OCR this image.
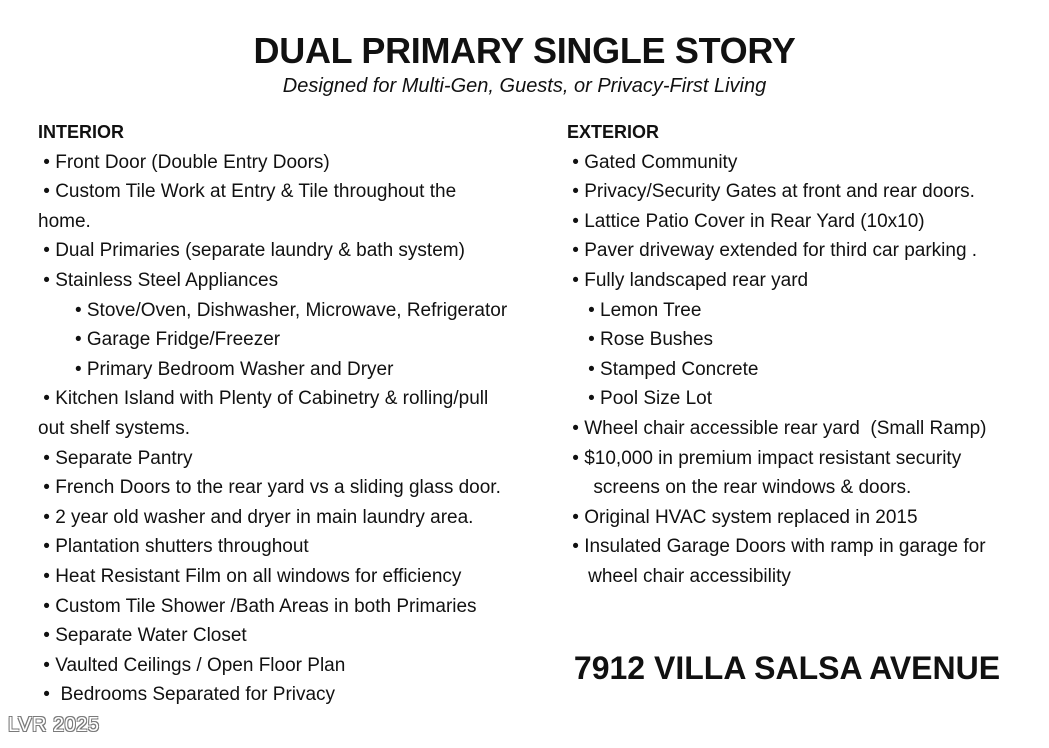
DUAL PRIMARY SINGLE STORY

Designed for Multi-Gen, Guests, or Privacy-First Living

INTERIOR
• Front Door (Double Entry Doors)
• Custom Tile Work at Entry & Tile throughout the
home.
• Dual Primaries (separate laundry & bath system)
• Stainless Steel Appliances
• Stove/Oven, Dishwasher, Microwave, Refrigerator
• Garage Fridge/Freezer
• Primary Bedroom Washer and Dryer
• Kitchen Island with Plenty of Cabinetry & rolling/pull
out shelf systems.
• Separate Pantry
• French Doors to the rear yard vs a sliding glass door.
• 2 year old washer and dryer in main laundry area.
• Plantation shutters throughout
• Heat Resistant Film on all windows for efficiency
• Custom Tile Shower /Bath Areas in both Primaries
• Separate Water Closet
• Vaulted Ceilings / Open Floor Plan
•  Bedrooms Separated for Privacy
EXTERIOR
• Gated Community
• Privacy/Security Gates at front and rear doors.
• Lattice Patio Cover in Rear Yard (10x10)
• Paver driveway extended for third car parking .
• Fully landscaped rear yard
• Lemon Tree
• Rose Bushes
• Stamped Concrete
• Pool Size Lot
• Wheel chair accessible rear yard  (Small Ramp)
• $10,000 in premium impact resistant security
screens on the rear windows & doors.
• Original HVAC system replaced in 2015
• Insulated Garage Doors with ramp in garage for
wheel chair accessibility
7912 VILLA SALSA AVENUE
LVR 2025
